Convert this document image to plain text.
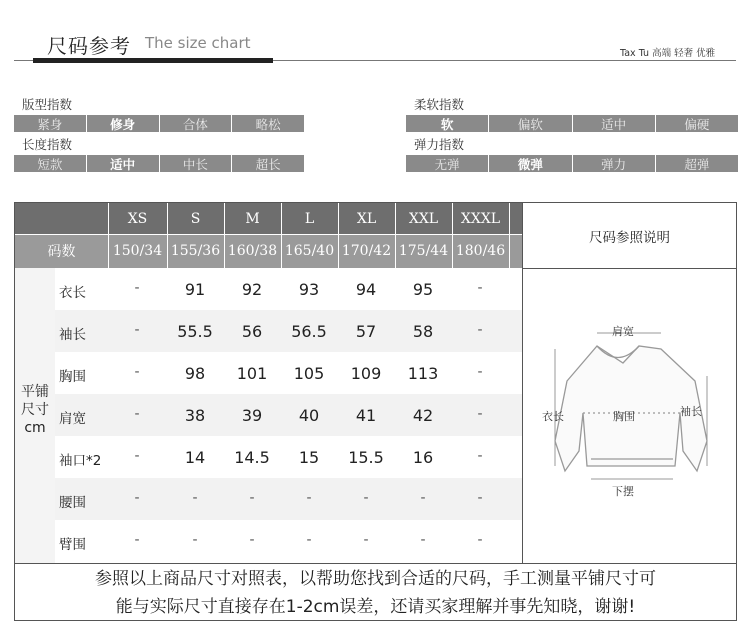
尺码参考 The size chart
Tax Tu 高端 轻奢 优雅
版型指数
紧身	修身	合体	略松
长度指数
短款	适中	中长	超长
柔软指数
软	偏软	适中	偏硬
弹力指数
无弹	微弹	弹力	超弹
码数
XS	S	M	L	XL	XXL	XXXL
150/34 155/36 160/38 165/40 170/42 175/44 180/46
尺码参照说明
平铺
尺寸
cm
衣长	-	91	92	93	94	95	-
袖长	-	55.5	56	56.5	57	58	-
胸围	-	98	101	105	109	113	-
肩宽	-	38	39	40	41	42	-
袖口*2	-	14	14.5	15	15.5	16	-
腰围	-	-	-	-	-	-	-
臂围	-	-	-	-	-	-	-
肩宽
衣长	胸围	袖长
下摆
参照以上商品尺寸对照表，以帮助您找到合适的尺码，手工测量平铺尺寸可
能与实际尺寸直接存在1-2cm误差，还请买家理解并事先知晓，谢谢!
